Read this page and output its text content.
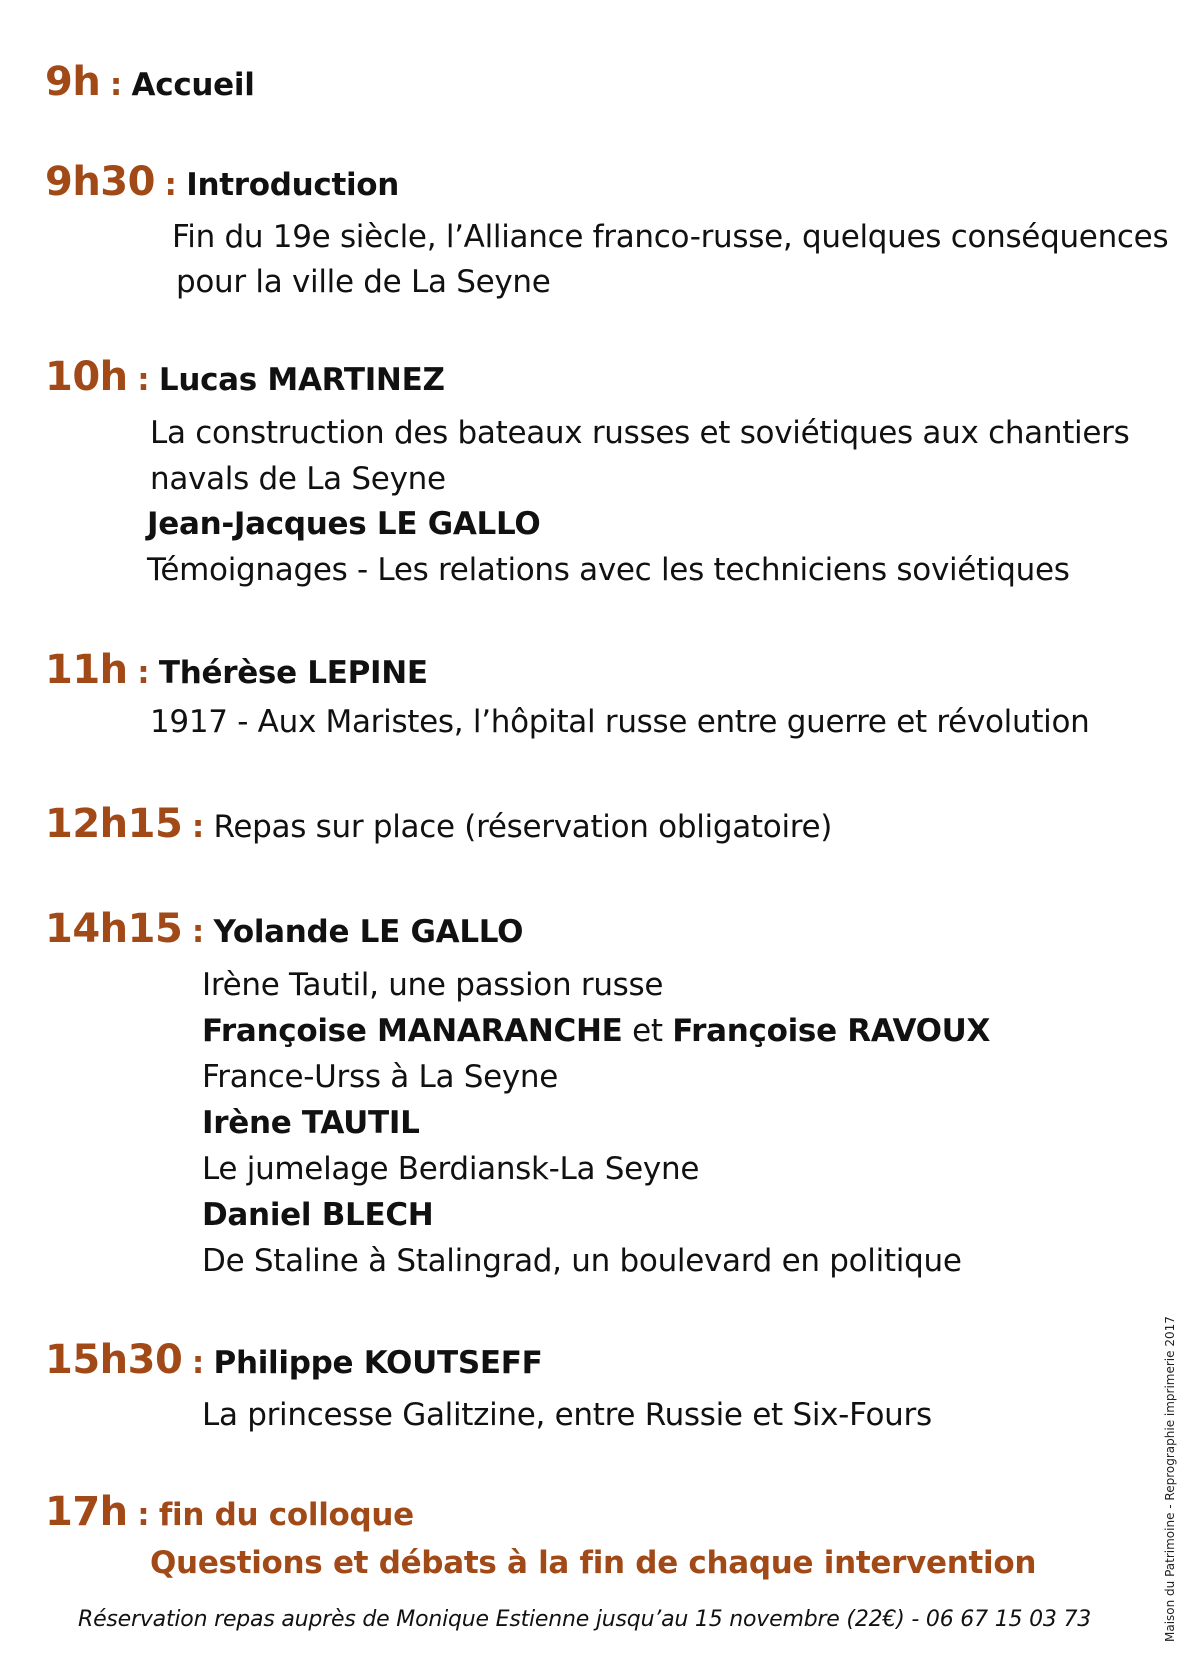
9h : Accueil
9h30 : Introduction
Fin du 19e siècle, l’Alliance franco-russe, quelques conséquences
pour la ville de La Seyne
10h : Lucas MARTINEZ
La construction des bateaux russes et soviétiques aux chantiers
navals de La Seyne
Jean-Jacques LE GALLO
Témoignages - Les relations avec les techniciens soviétiques
11h : Thérèse LEPINE
1917 - Aux Maristes, l’hôpital russe entre guerre et révolution
12h15 : Repas sur place (réservation obligatoire)
14h15 : Yolande LE GALLO
Irène Tautil, une passion russe
Françoise MANARANCHE et Françoise RAVOUX
France-Urss à La Seyne
Irène TAUTIL
Le jumelage Berdiansk-La Seyne
Daniel BLECH
De Staline à Stalingrad, un boulevard en politique
15h30 : Philippe KOUTSEFF
La princesse Galitzine, entre Russie et Six-Fours
17h : fin du colloque
Questions et débats à la fin de chaque intervention
Réservation repas auprès de Monique Estienne jusqu’au 15 novembre (22€) - 06 67 15 03 73	Maison du Patrimoine - Reprographie imprimerie 2017
